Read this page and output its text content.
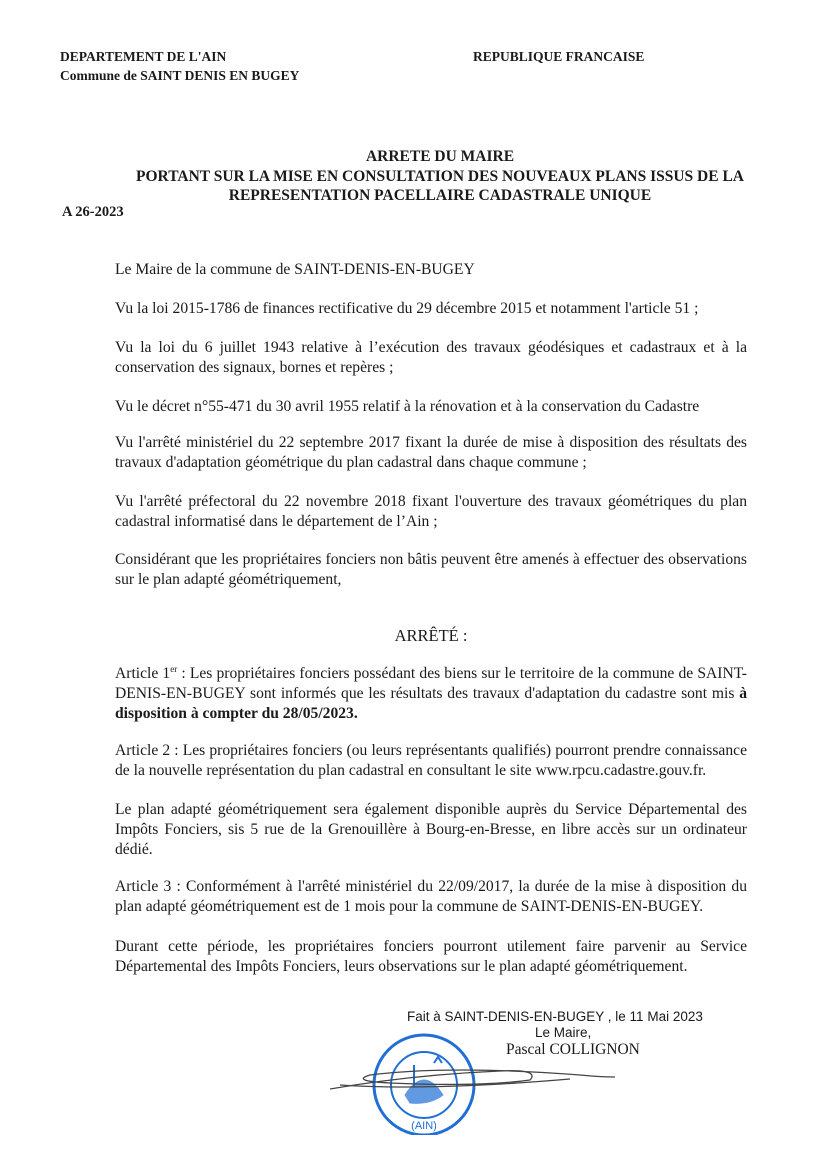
DEPARTEMENT DE L'AIN
Commune de SAINT DENIS EN BUGEY
REPUBLIQUE FRANCAISE
ARRETE DU MAIRE
PORTANT SUR LA MISE EN CONSULTATION DES NOUVEAUX PLANS ISSUS DE LA
REPRESENTATION PACELLAIRE CADASTRALE UNIQUE
A 26-2023
Le Maire de la commune de SAINT-DENIS-EN-BUGEY
Vu la loi 2015-1786 de finances rectificative du 29 décembre 2015 et notamment l'article 51 ;
Vu la loi du 6 juillet 1943 relative à l’exécution des travaux géodésiques et cadastraux et à la conservation des signaux, bornes et repères ;
Vu le décret n°55-471 du 30 avril 1955 relatif à la rénovation et à la conservation du Cadastre
Vu l'arrêté ministériel du 22 septembre 2017 fixant la durée de mise à disposition des résultats des travaux d'adaptation géométrique du plan cadastral dans chaque commune ;
Vu l'arrêté préfectoral du 22 novembre 2018 fixant l'ouverture des travaux géométriques du plan cadastral informatisé dans le département de l’Ain ;
Considérant que les propriétaires fonciers non bâtis peuvent être amenés à effectuer des observations sur le plan adapté géométriquement,
ARRÊTÉ :
Article 1er : Les propriétaires fonciers possédant des biens sur le territoire de la commune de SAINT-DENIS-EN-BUGEY sont informés que les résultats des travaux d'adaptation du cadastre sont mis à disposition à compter du 28/05/2023.
Article 2 : Les propriétaires fonciers (ou leurs représentants qualifiés) pourront prendre connaissance de la nouvelle représentation du plan cadastral en consultant le site www.rpcu.cadastre.gouv.fr.
Le plan adapté géométriquement sera également disponible auprès du Service Départemental des Impôts Fonciers, sis 5 rue de la Grenouillère à Bourg-en-Bresse, en libre accès sur un ordinateur dédié.
Article 3 : Conformément à l'arrêté ministériel du 22/09/2017, la durée de la mise à disposition du plan adapté géométriquement est de 1 mois pour la commune de SAINT-DENIS-EN-BUGEY.
Durant cette période, les propriétaires fonciers pourront utilement faire parvenir au Service Départemental des Impôts Fonciers, leurs observations sur le plan adapté géométriquement.
Fait à SAINT-DENIS-EN-BUGEY , le 11 Mai 2023
Le Maire,
Pascal COLLIGNON
(AIN)
